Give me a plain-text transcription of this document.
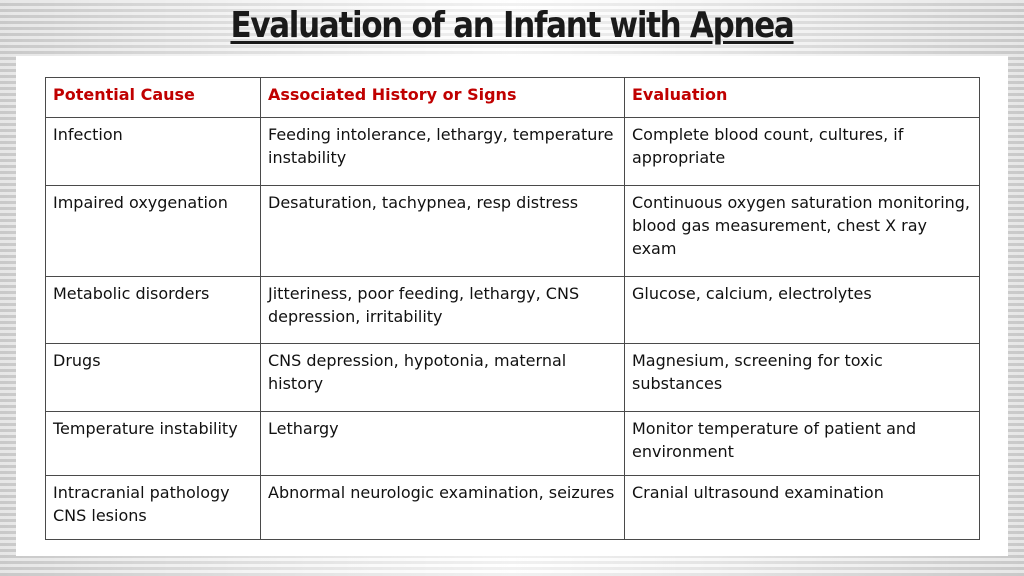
Evaluation of an Infant with Apnea
Potential Cause	Associated History or Signs	Evaluation
Infection	Feeding intolerance, lethargy, temperature instability	Complete blood count, cultures, if appropriate
Impaired oxygenation	Desaturation, tachypnea, resp distress	Continuous oxygen saturation monitoring, blood gas measurement, chest X ray exam
Metabolic disorders	Jitteriness, poor feeding, lethargy, CNS depression, irritability	Glucose, calcium, electrolytes
Drugs	CNS depression, hypotonia, maternal history	Magnesium, screening for toxic substances
Temperature instability	Lethargy	Monitor temperature of patient and environment
Intracranial pathology CNS lesions	Abnormal neurologic examination, seizures	Cranial ultrasound examination
